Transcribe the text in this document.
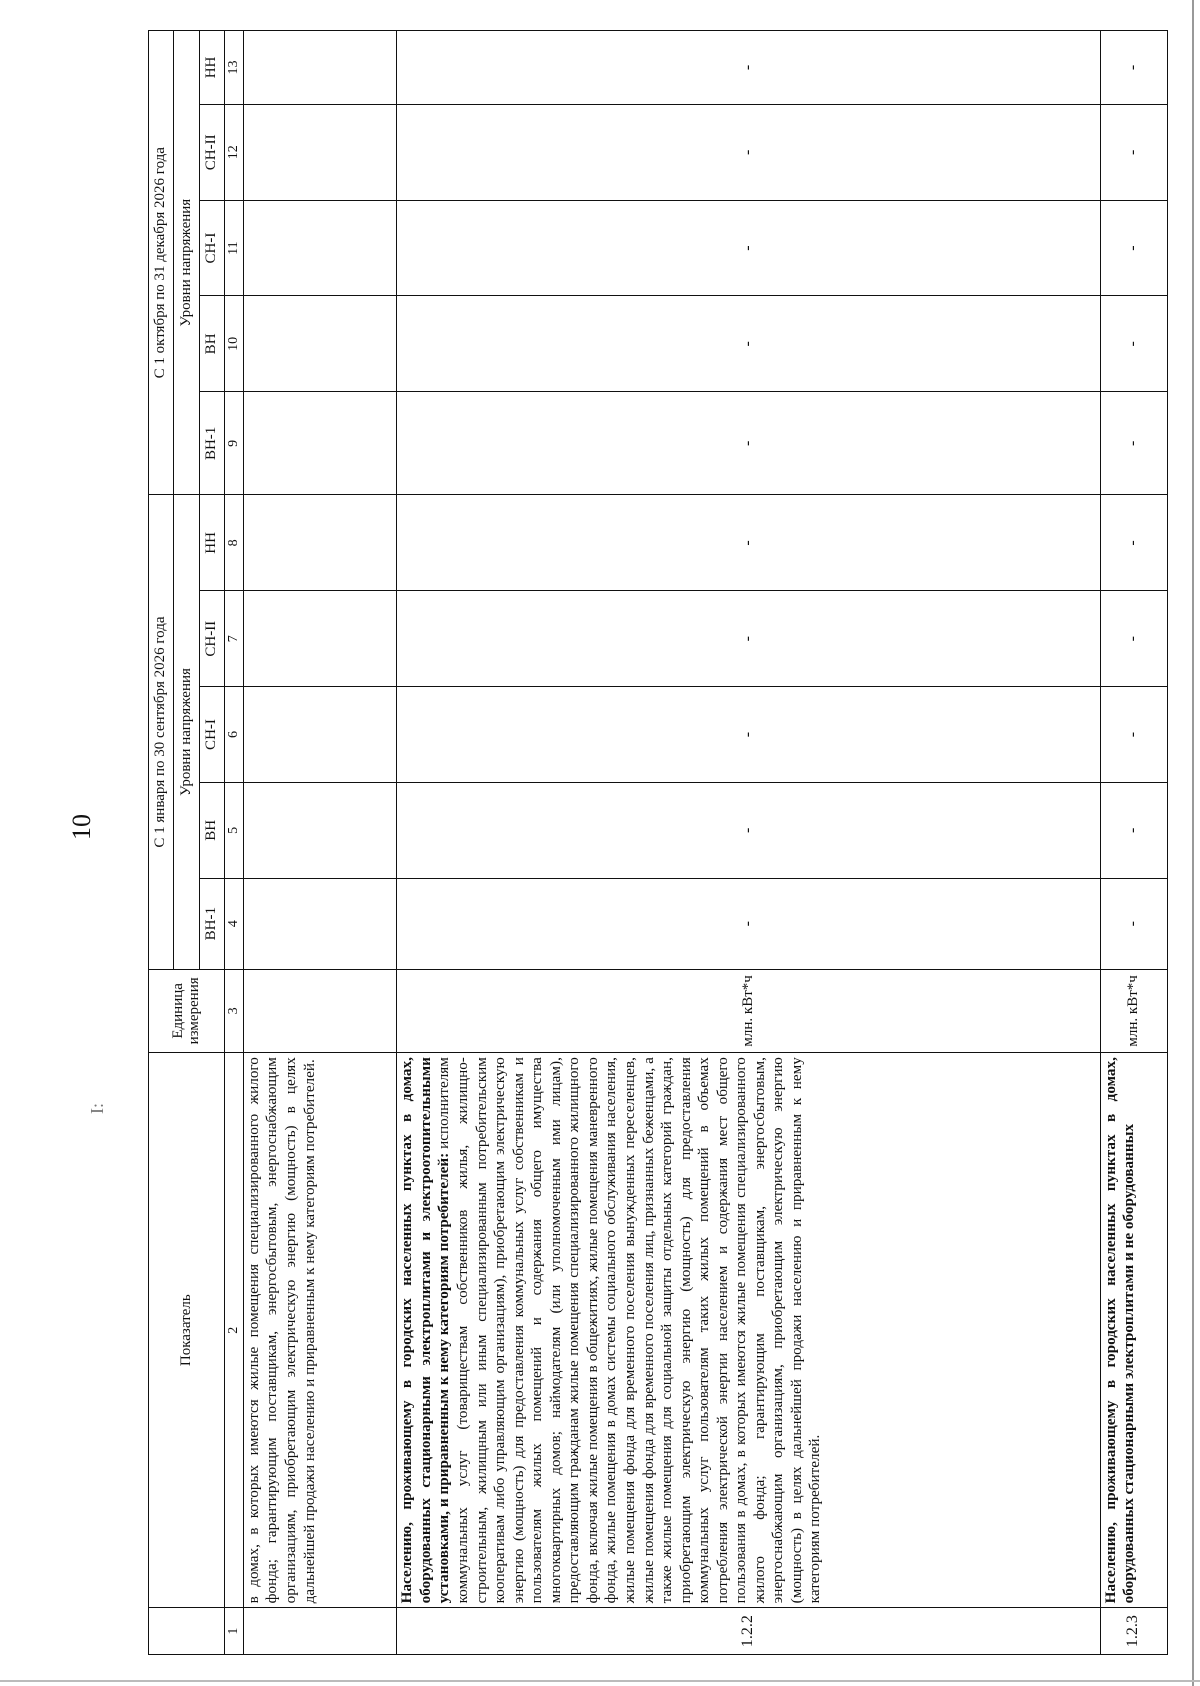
10
I:
	Показатель	Единица измерения	С 1 января по 30 сентября 2026 года					С 1 октября по 31 декабря 2026 года				
			Уровни напряжения					Уровни напряжения				
			ВН-1	ВН	СН-I	СН-II	НН	ВН-1	ВН	СН-I	СН-II	НН
1	2	3	4	5	6	7	8	9	10	11	12	13
	в домах, в которых имеются жилые помещения специализированного жилого фонда; гарантирующим поставщикам, энергосбытовым, энергоснабжающим организациям, приобретающим электрическую энергию (мощность) в целях дальнейшей продажи населению и приравненным к нему категориям потребителей.											
1.2.2	Населению, проживающему в городских населенных пунктах в домах, оборудованных стационарными электроплитами и электроотопительными установками, и приравненным к нему категориям потребителей: исполнителям коммунальных услуг (товариществам собственников жилья, жилищно-строительным, жилищным или иным специализированным потребительским кооперативам либо управляющим организациям), приобретающим электрическую энергию (мощность) для предоставления коммунальных услуг собственникам и пользователям жилых помещений и содержания общего имущества многоквартирных домов; наймодателям (или уполномоченным ими лицам), предоставляющим гражданам жилые помещения специализированного жилищного фонда, включая жилые помещения в общежитиях, жилые помещения маневренного фонда, жилые помещения в домах системы социального обслуживания населения, жилые помещения фонда для временного поселения вынужденных переселенцев, жилые помещения фонда для временного поселения лиц, признанных беженцами, а также жилые помещения для социальной защиты отдельных категорий граждан, приобретающим электрическую энергию (мощность) для предоставления коммунальных услуг пользователям таких жилых помещений в объемах потребления электрической энергии населением и содержания мест общего пользования в домах, в которых имеются жилые помещения специализированного жилого фонда; гарантирующим поставщикам, энергосбытовым, энергоснабжающим организациям, приобретающим электрическую энергию (мощность) в целях дальнейшей продажи населению и приравненным к нему категориям потребителей.	млн. кВт*ч	-	-	-	-	-	-	-	-	-	-
1.2.3	Населению, проживающему в городских населенных пунктах в домах, оборудованных стационарными электроплитами и не оборудованных	млн. кВт*ч	-	-	-	-	-	-	-	-	-	-
